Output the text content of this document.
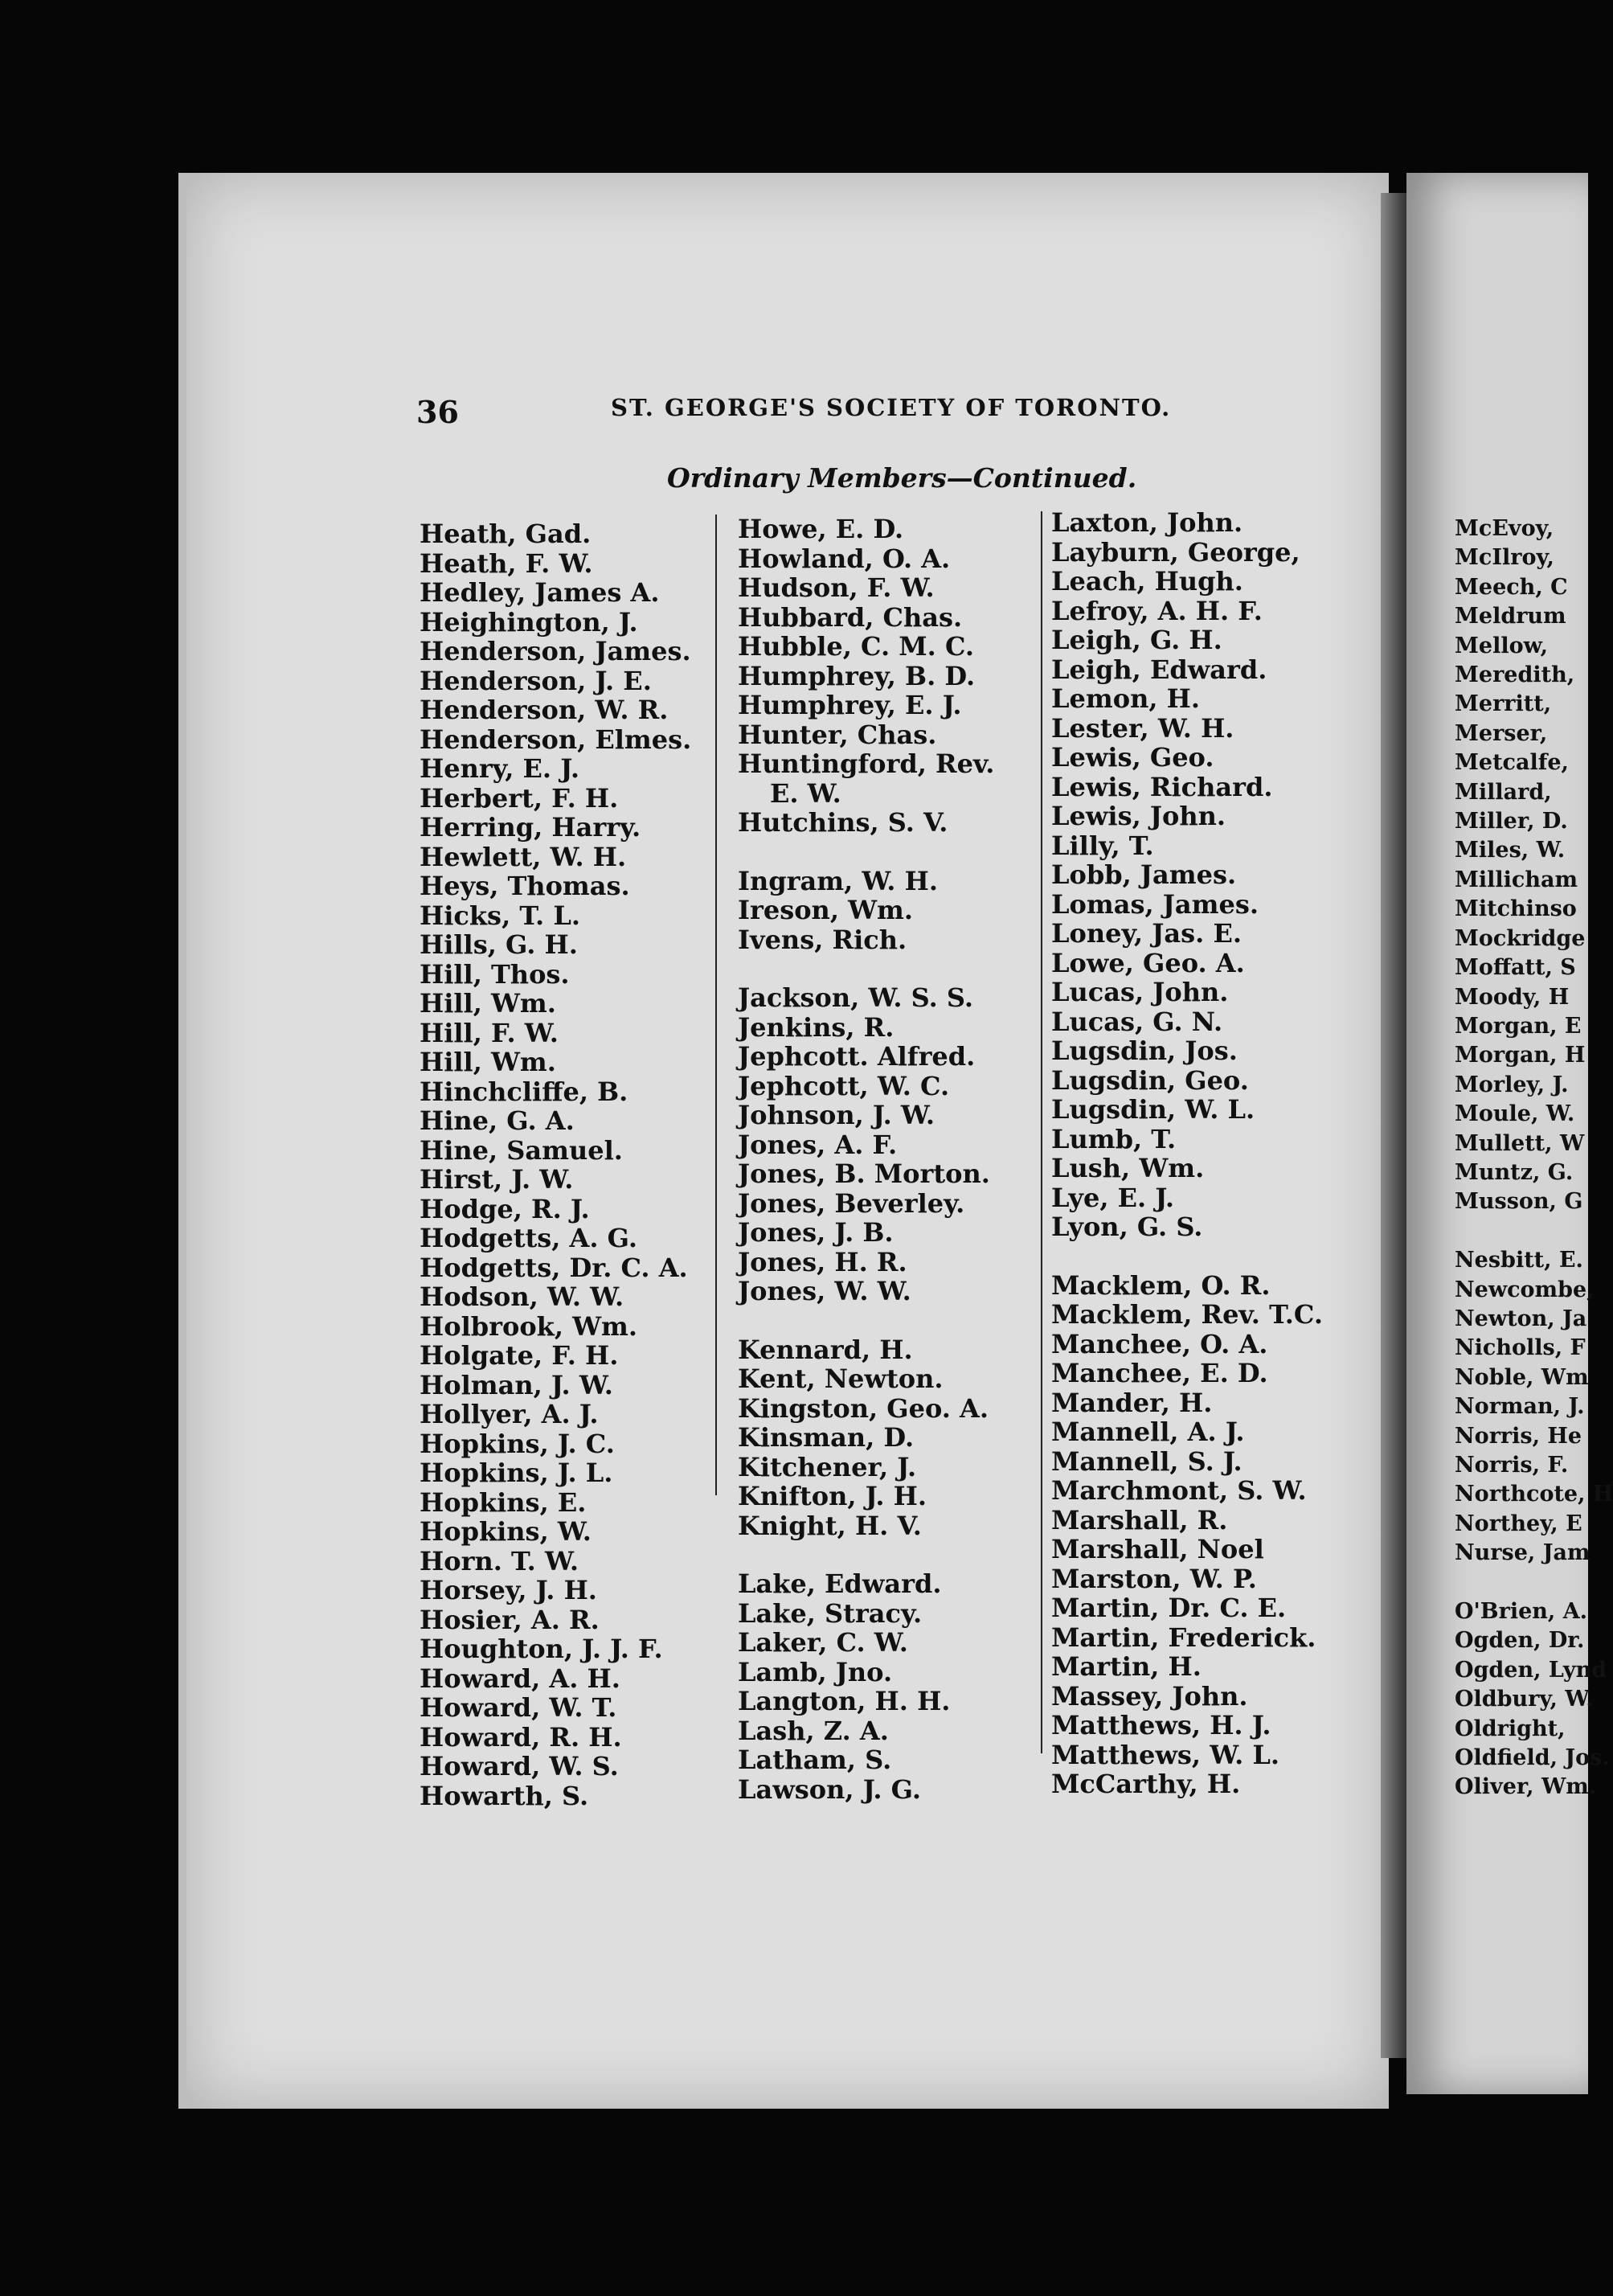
36	ST. GEORGE'S SOCIETY OF TORONTO.
Ordinary Members—Continued.
Heath, Gad.
Heath, F. W.
Hedley, James A.
Heighington, J.
Henderson, James.
Henderson, J. E.
Henderson, W. R.
Henderson, Elmes.
Henry, E. J.
Herbert, F. H.
Herring, Harry.
Hewlett, W. H.
Heys, Thomas.
Hicks, T. L.
Hills, G. H.
Hill, Thos.
Hill, Wm.
Hill, F. W.
Hill, Wm.
Hinchcliffe, B.
Hine, G. A.
Hine, Samuel.
Hirst, J. W.
Hodge, R. J.
Hodgetts, A. G.
Hodgetts, Dr. C. A.
Hodson, W. W.
Holbrook, Wm.
Holgate, F. H.
Holman, J. W.
Hollyer, A. J.
Hopkins, J. C.
Hopkins, J. L.
Hopkins, E.
Hopkins, W.
Horn. T. W.
Horsey, J. H.
Hosier, A. R.
Houghton, J. J. F.
Howard, A. H.
Howard, W. T.
Howard, R. H.
Howard, W. S.
Howarth, S.
Howe, E. D.
Howland, O. A.
Hudson, F. W.
Hubbard, Chas.
Hubble, C. M. C.
Humphrey, B. D.
Humphrey, E. J.
Hunter, Chas.
Huntingford, Rev.
E. W.
Hutchins, S. V.

Ingram, W. H.
Ireson, Wm.
Ivens, Rich.

Jackson, W. S. S.
Jenkins, R.
Jephcott. Alfred.
Jephcott, W. C.
Johnson, J. W.
Jones, A. F.
Jones, B. Morton.
Jones, Beverley.
Jones, J. B.
Jones, H. R.
Jones, W. W.

Kennard, H.
Kent, Newton.
Kingston, Geo. A.
Kinsman, D.
Kitchener, J.
Knifton, J. H.
Knight, H. V.

Lake, Edward.
Lake, Stracy.
Laker, C. W.
Lamb, Jno.
Langton, H. H.
Lash, Z. A.
Latham, S.
Lawson, J. G.
Laxton, John.
Layburn, George,
Leach, Hugh.
Lefroy, A. H. F.
Leigh, G. H.
Leigh, Edward.
Lemon, H.
Lester, W. H.
Lewis, Geo.
Lewis, Richard.
Lewis, John.
Lilly, T.
Lobb, James.
Lomas, James.
Loney, Jas. E.
Lowe, Geo. A.
Lucas, John.
Lucas, G. N.
Lugsdin, Jos.
Lugsdin, Geo.
Lugsdin, W. L.
Lumb, T.
Lush, Wm.
Lye, E. J.
Lyon, G. S.

Macklem, O. R.
Macklem, Rev. T.C.
Manchee, O. A.
Manchee, E. D.
Mander, H.
Mannell, A. J.
Mannell, S. J.
Marchmont, S. W.
Marshall, R.
Marshall, Noel
Marston, W. P.
Martin, Dr. C. E.
Martin, Frederick.
Martin, H.
Massey, John.
Matthews, H. J.
Matthews, W. L.
McCarthy, H.
McEvoy,
McIlroy,
Meech, C
Meldrum
Mellow,
Meredith,
Merritt,
Merser,
Metcalfe,
Millard,
Miller, D.
Miles, W.
Millicham
Mitchinso
Mockridge
Moffatt, S
Moody, H
Morgan, E
Morgan, H
Morley, J.
Moule, W.
Mullett, W
Muntz, G.
Musson, G

Nesbitt, E.
Newcombe,
Newton, Ja
Nicholls, F
Noble, Wm
Norman, J.
Norris, He
Norris, F.
Northcote, H
Northey, E
Nurse, Jam

O'Brien, A.
Ogden, Dr.
Ogden, Lynd
Oldbury, W.
Oldright,
Oldfield, Jos.
Oliver, Wm.
